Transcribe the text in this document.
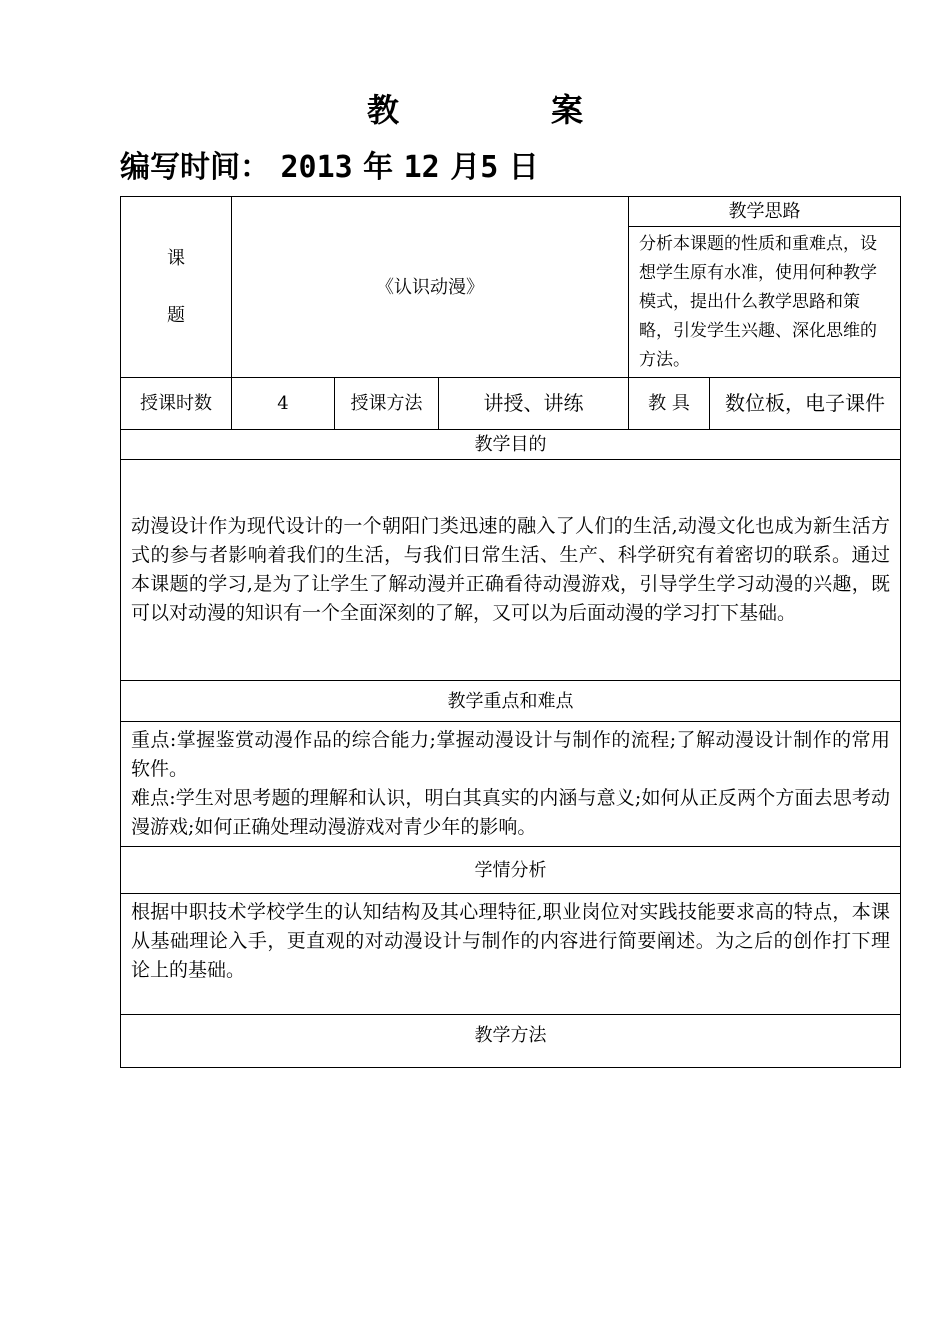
教　案
编写时间： 2013 年 12 月5 日
课
题	《认识动漫》			教学思路	
				分析本课题的性质和重难点，设想学生原有水准，使用何种教学模式，提出什么教学思路和策略，引发学生兴趣、深化思维的方法。	
授课时数	4	授课方法	讲授、讲练	教 具	数位板，电子课件
教学目的					
动漫设计作为现代设计的一个朝阳门类迅速的融入了人们的生活,动漫文化也成为新生活方式的参与者影响着我们的生活，与我们日常生活、生产、科学研究有着密切的联系。通过本课题的学习,是为了让学生了解动漫并正确看待动漫游戏，引导学生学习动漫的兴趣，既可以对动漫的知识有一个全面深刻的了解，又可以为后面动漫的学习打下基础。					
教学重点和难点					

重点:掌握鉴赏动漫作品的综合能力;掌握动漫设计与制作的流程;了解动漫设计制作的常用软件。

难点:学生对思考题的理解和认识，明白其真实的内涵与意义;如何从正反两个方面去思考动漫游戏;如何正确处理动漫游戏对青少年的影响。					

学情分析					
根据中职技术学校学生的认知结构及其心理特征,职业岗位对实践技能要求高的特点，本课从基础理论入手，更直观的对动漫设计与制作的内容进行简要阐述。为之后的创作打下理论上的基础。					
教学方法					
